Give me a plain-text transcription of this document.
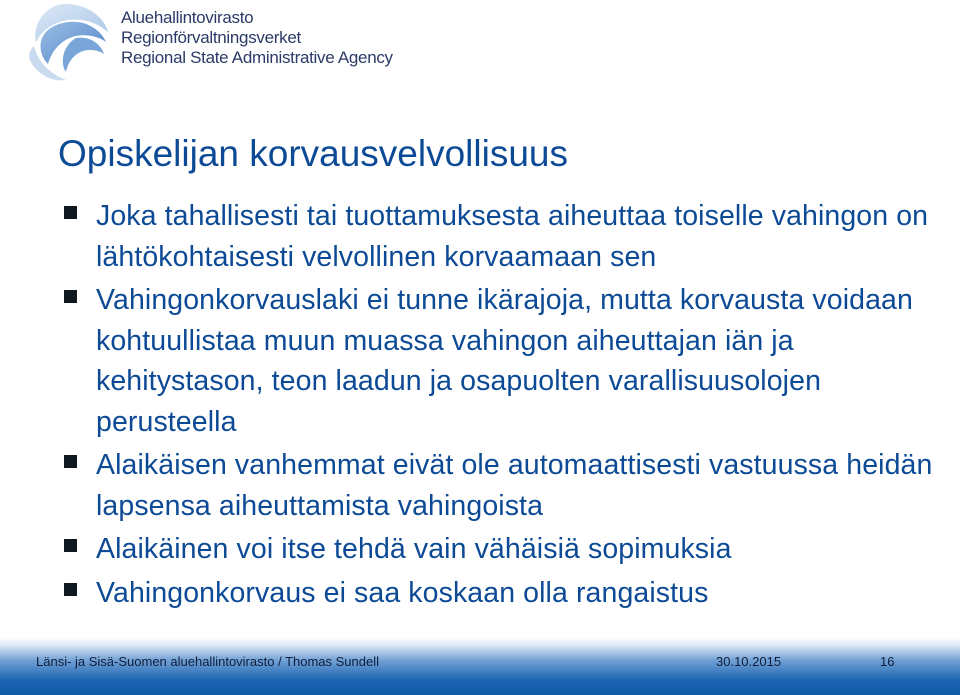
Aluehallintovirasto
Regionförvaltningsverket
Regional State Administrative Agency
Opiskelijan korvausvelvollisuus
Joka tahallisesti tai tuottamuksesta aiheuttaa toiselle vahingon on lähtökohtaisesti velvollinen korvaamaan sen
Vahingonkorvauslaki ei tunne ikärajoja, mutta korvausta voidaan kohtuullistaa muun muassa vahingon aiheuttajan iän ja kehitystason, teon laadun ja osapuolten varallisuusolojen perusteella
Alaikäisen vanhemmat eivät ole automaattisesti vastuussa heidän lapsensa aiheuttamista vahingoista
Alaikäinen voi itse tehdä vain vähäisiä sopimuksia
Vahingonkorvaus ei saa koskaan olla rangaistus
Länsi- ja Sisä-Suomen aluehallintovirasto / Thomas Sundell	30.10.2015	16
